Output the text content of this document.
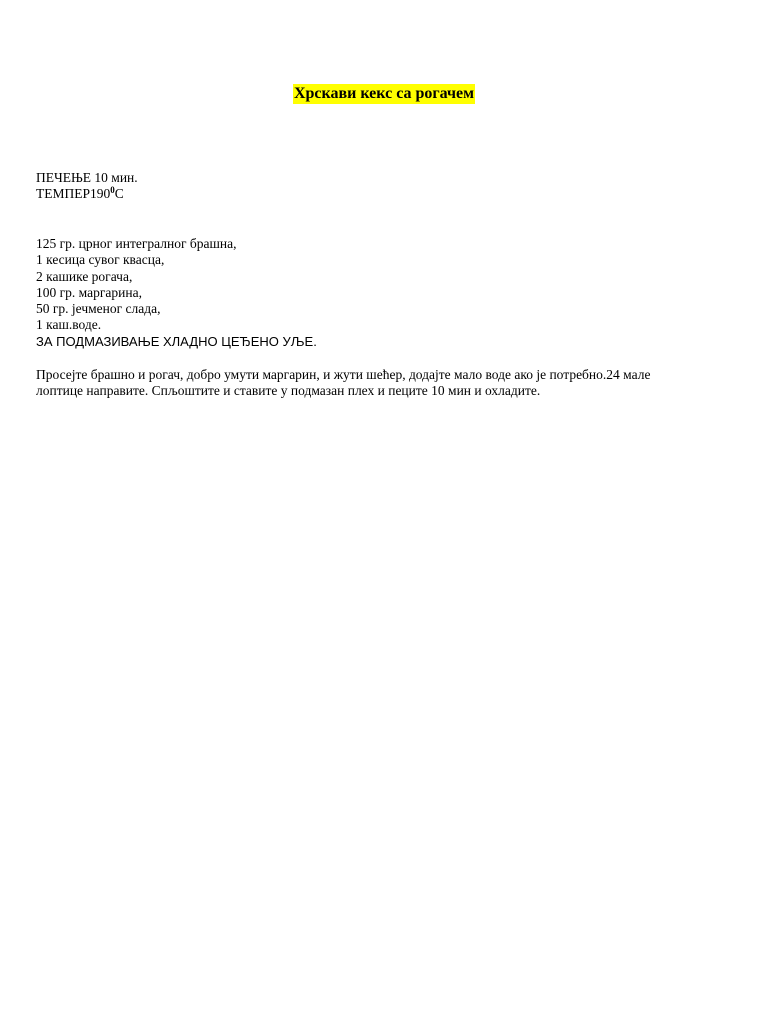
Хрскави кекс са рогачем
ПЕЧЕЊЕ 10 мин.
$ТЕМПЕР190^0С$
125 гр. црног интегралног брашна,
1 кесица сувог квасца,
2 кашике рогача,
100 гр. маргарина,
50 гр. јечменог слада,
1 каш.воде.
ЗА ПОДМАЗИВАЊЕ ХЛАДНО ЦЕЂЕНО УЉЕ.
Просејте брашно и рогач, добро умути маргарин, и жути шећер, додајте мало воде ако је потребно.24 мале
лоптице направите. Спљоштите и ставите у подмазан плех и пеците 10 мин и охладите.
